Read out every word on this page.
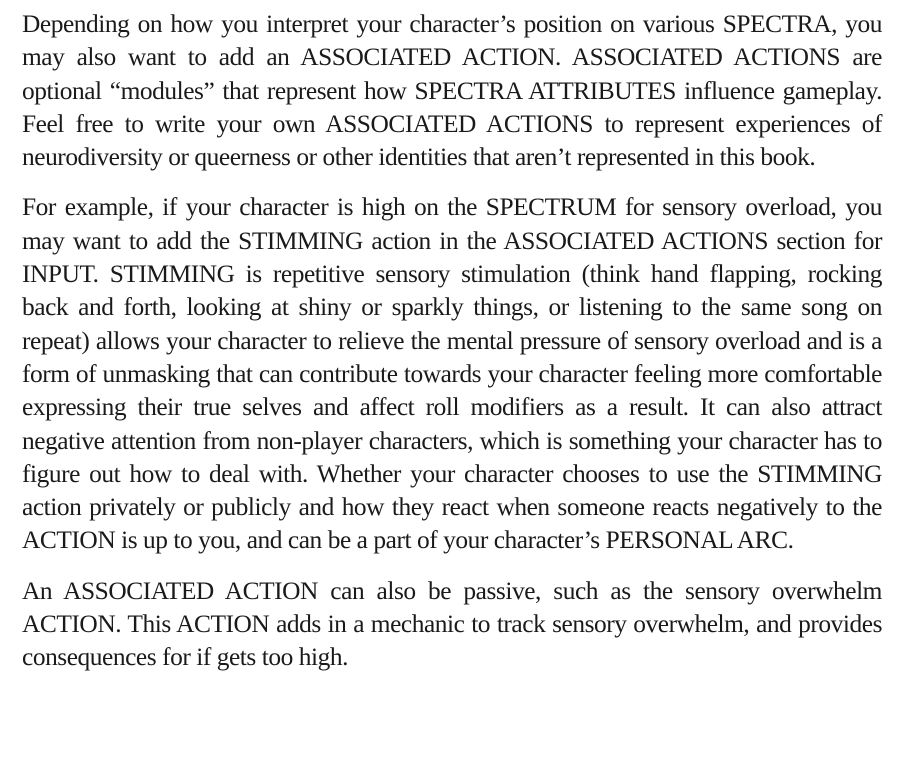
Depending on how you interpret your character’s position on various SPECTRA, you may also want to add an ASSOCIATED ACTION. ASSOCIATED ACTIONS are optional “modules” that represent how SPECTRA ATTRIBUTES influence gameplay. Feel free to write your own ASSOCIATED ACTIONS to represent experiences of neurodiversity or queerness or other identities that aren’t represented in this book.

For example, if your character is high on the SPECTRUM for sensory overload, you may want to add the STIMMING action in the ASSOCIATED ACTIONS section for INPUT. STIMMING is repetitive sensory stimulation (think hand flapping, rocking back and forth, looking at shiny or sparkly things, or listening to the same song on repeat) allows your character to relieve the mental pressure of sensory overload and is a form of unmasking that can contribute towards your character feeling more comfortable expressing their true selves and affect roll modifiers as a result. It can also attract negative attention from non-player characters, which is something your character has to figure out how to deal with. Whether your character chooses to use the STIMMING action privately or publicly and how they react when someone reacts negatively to the ACTION is up to you, and can be a part of your character’s PERSONAL ARC.

An ASSOCIATED ACTION can also be passive, such as the sensory overwhelm ACTION. This ACTION adds in a mechanic to track sensory overwhelm, and provides consequences for if gets too high.
